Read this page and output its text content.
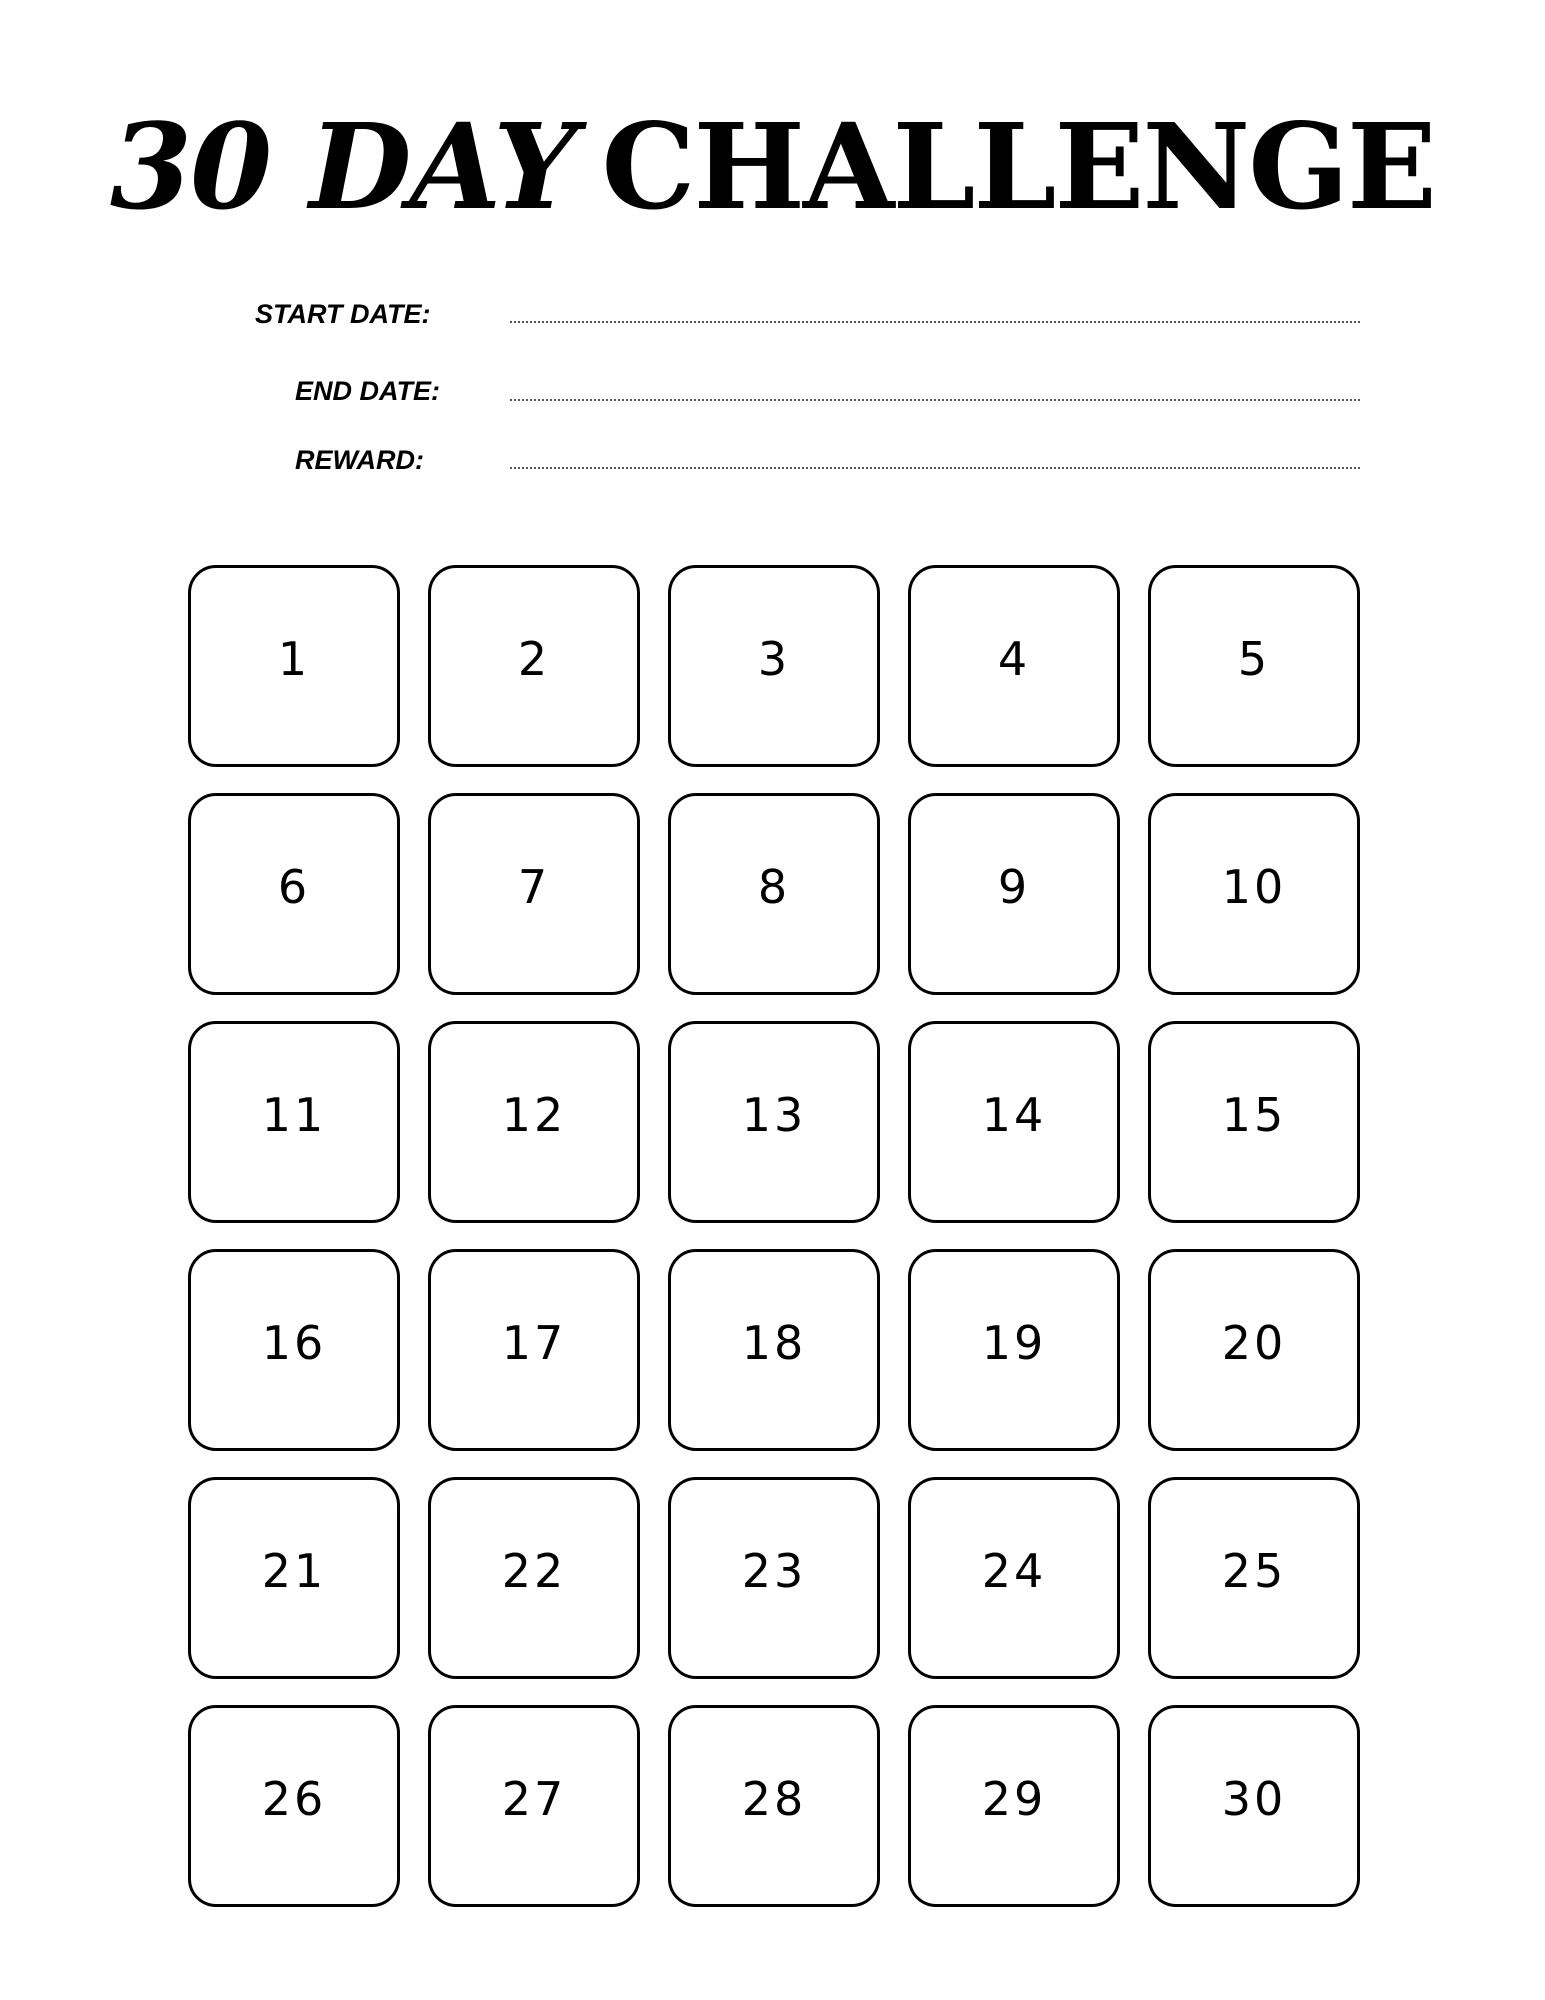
30 DAY CHALLENGE
START DATE:
END DATE:
REWARD:
1	2	3	4	5
6	7	8	9	10
11	12	13	14	15
16	17	18	19	20
21	22	23	24	25
26	27	28	29	30
